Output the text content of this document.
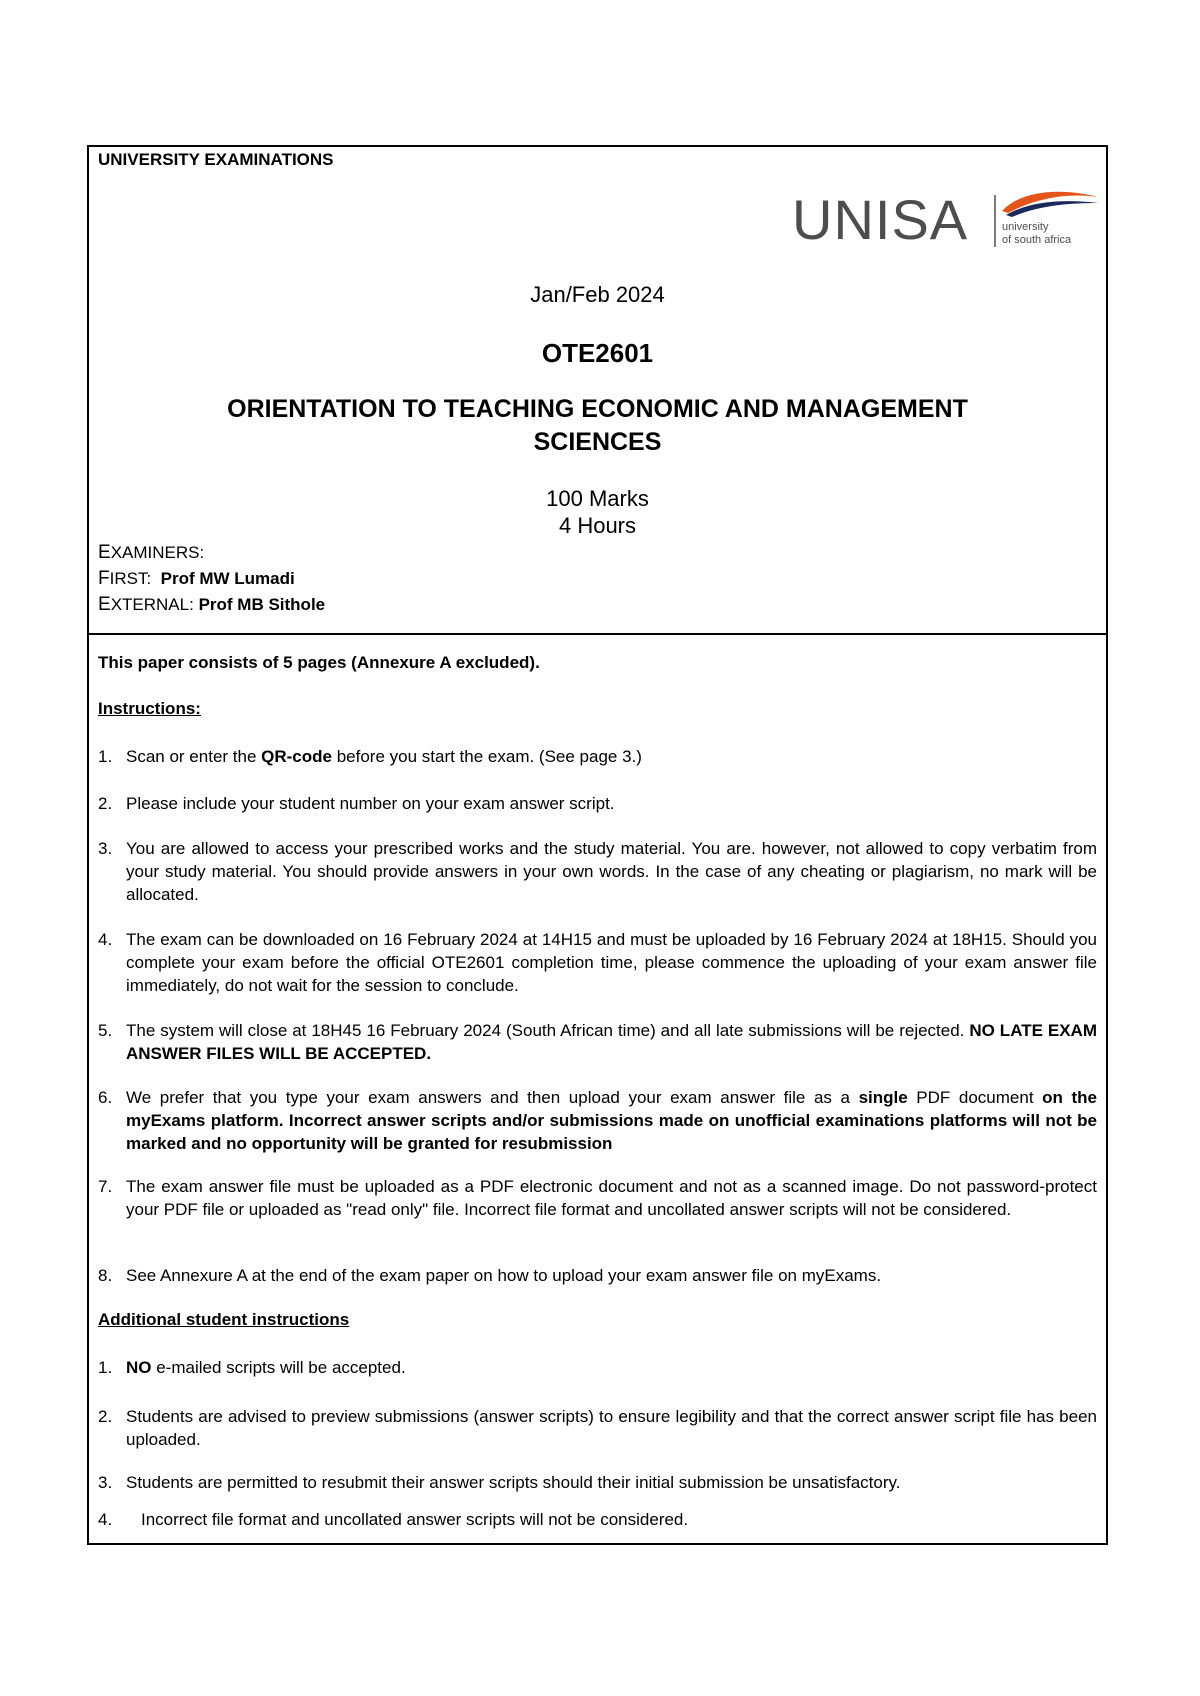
UNIVERSITY EXAMINATIONS
UNISA	university
of south africa
Jan/Feb 2024
OTE2601
ORIENTATION TO TEACHING ECONOMIC AND MANAGEMENT
SCIENCES
100 Marks
4 Hours
EXAMINERS:
FIRST: Prof MW Lumadi
EXTERNAL: Prof MB Sithole
This paper consists of 5 pages (Annexure A excluded).
Instructions:
1. Scan or enter the QR-code before you start the exam. (See page 3.)
2. Please include your student number on your exam answer script.
3. You are allowed to access your prescribed works and the study material. You are. however, not allowed to copy verbatim from your study material. You should provide answers in your own words. In the case of any cheating or plagiarism, no mark will be allocated.
4. The exam can be downloaded on 16 February 2024 at 14H15 and must be uploaded by 16 February 2024 at 18H15. Should you complete your exam before the official OTE2601 completion time, please commence the uploading of your exam answer file immediately, do not wait for the session to conclude.
5. The system will close at 18H45 16 February 2024 (South African time) and all late submissions will be rejected. NO LATE EXAM ANSWER FILES WILL BE ACCEPTED.
6. We prefer that you type your exam answers and then upload your exam answer file as a single PDF document on the myExams platform. Incorrect answer scripts and/or submissions made on unofficial examinations platforms will not be marked and no opportunity will be granted for resubmission
7. The exam answer file must be uploaded as a PDF electronic document and not as a scanned image. Do not password-protect your PDF file or uploaded as "read only" file. Incorrect file format and uncollated answer scripts will not be considered.
8. See Annexure A at the end of the exam paper on how to upload your exam answer file on myExams.
Additional student instructions
1. NO e-mailed scripts will be accepted.
2. Students are advised to preview submissions (answer scripts) to ensure legibility and that the correct answer script file has been uploaded.
3. Students are permitted to resubmit their answer scripts should their initial submission be unsatisfactory.
4. Incorrect file format and uncollated answer scripts will not be considered.
